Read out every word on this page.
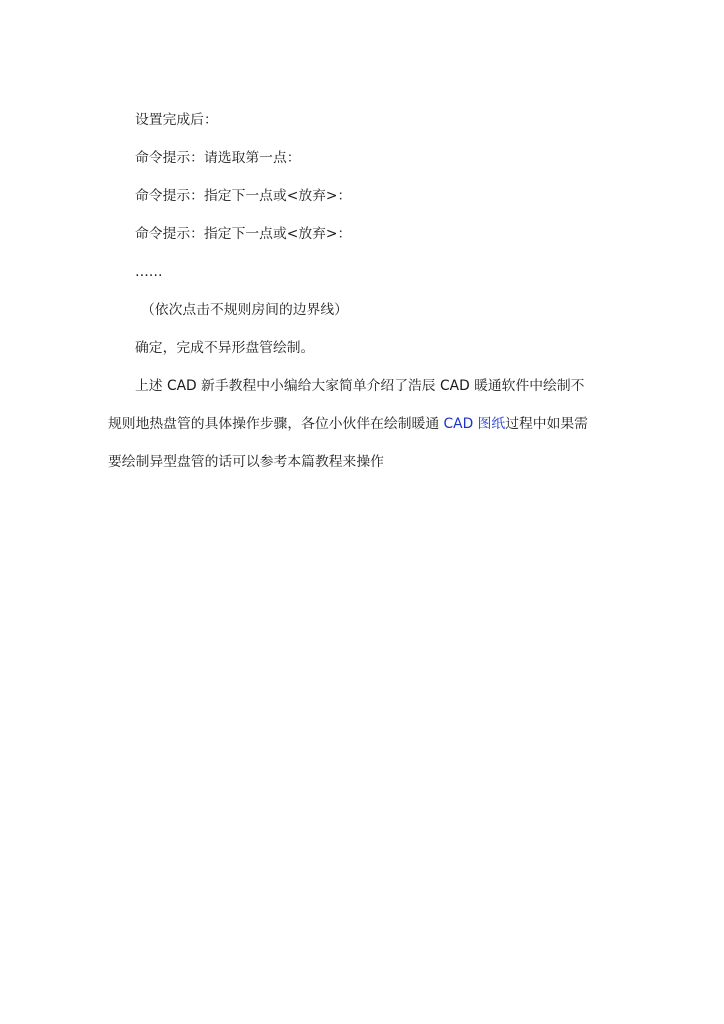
设置完成后：
命令提示：请选取第一点：
命令提示：指定下一点或<放弃>：
命令提示：指定下一点或<放弃>：
……
（依次点击不规则房间的边界线）
确定，完成不异形盘管绘制。
上述 CAD 新手教程中小编给大家简单介绍了浩辰 CAD 暖通软件中绘制不
规则地热盘管的具体操作步骤，各位小伙伴在绘制暖通 CAD 图纸过程中如果需
要绘制异型盘管的话可以参考本篇教程来操作
